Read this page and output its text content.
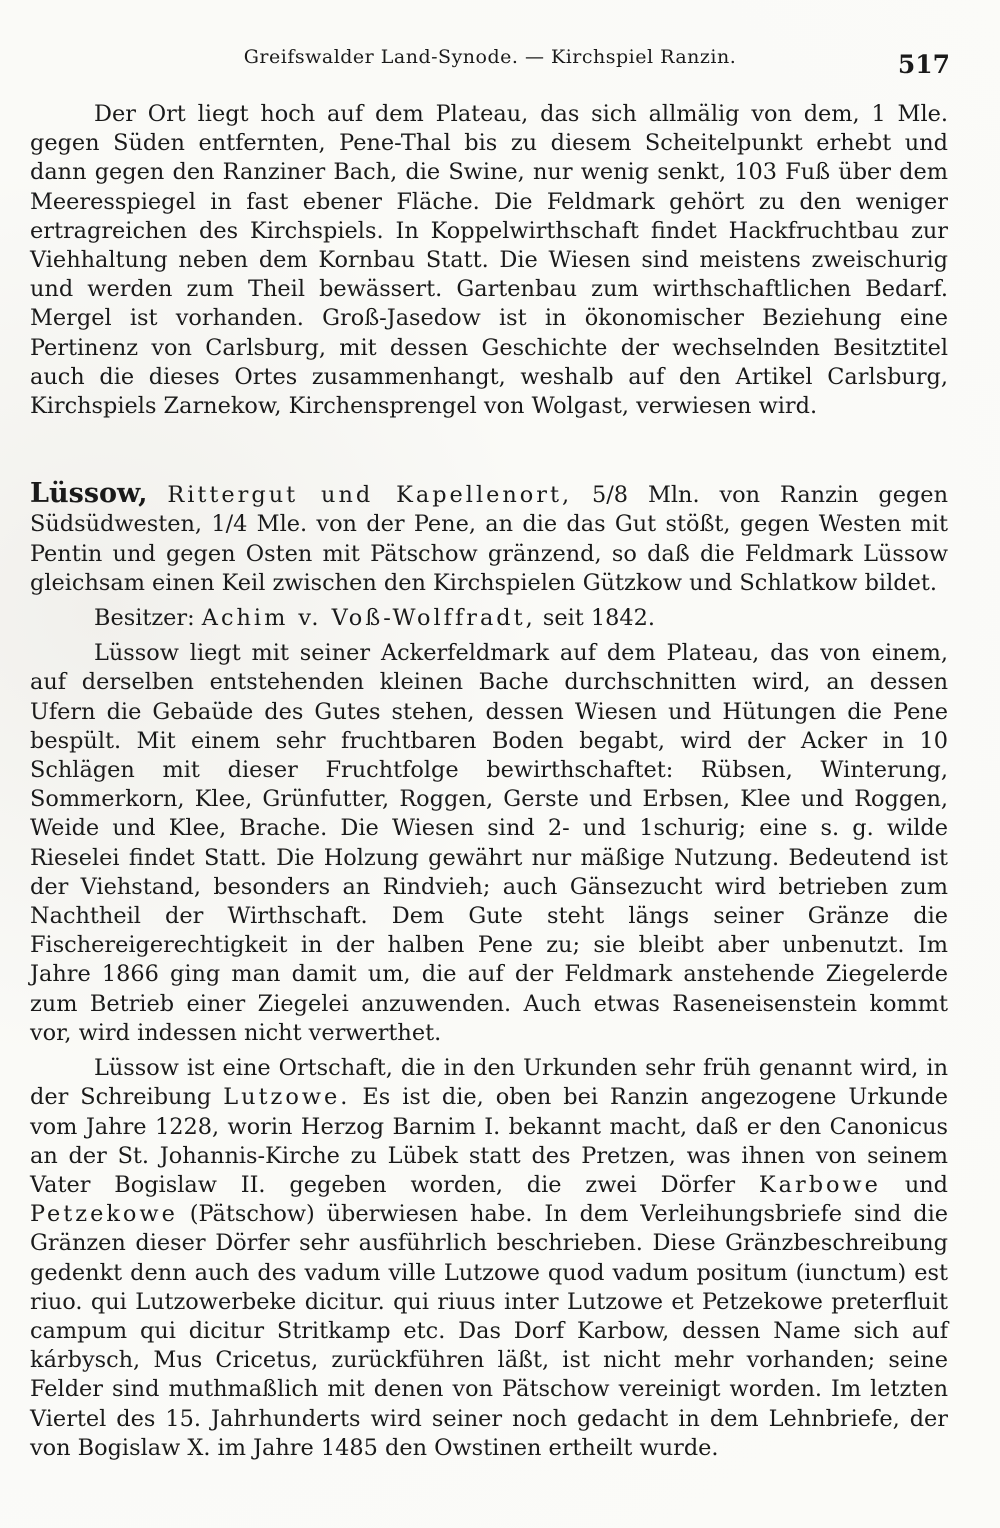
Greifswalder Land-Synode. — Kirchspiel Ranzin.	517

Der Ort liegt hoch auf dem Plateau, das sich allmälig von dem, 1 Mle. gegen Süden entfernten, Pene-Thal bis zu diesem Scheitelpunkt erhebt und dann gegen den Ranziner Bach, die Swine, nur wenig senkt, 103 Fuß über dem Meeresspiegel in fast ebener Fläche. Die Feldmark gehört zu den weniger ertragreichen des Kirchspiels. In Koppelwirthschaft findet Hackfruchtbau zur Viehhaltung neben dem Kornbau Statt. Die Wiesen sind meistens zweischurig und werden zum Theil bewässert. Gartenbau zum wirthschaftlichen Bedarf. Mergel ist vorhanden. Groß-Jasedow ist in ökonomischer Beziehung eine Pertinenz von Carlsburg, mit dessen Geschichte der wechselnden Besitztitel auch die dieses Ortes zusammenhangt, weshalb auf den Artikel Carlsburg, Kirchspiels Zarnekow, Kirchensprengel von Wolgast, verwiesen wird.

Lüssow, Rittergut und Kapellenort, 5/8 Mln. von Ranzin gegen Südsüdwesten, 1/4 Mle. von der Pene, an die das Gut stößt, gegen Westen mit Pentin und gegen Osten mit Pätschow gränzend, so daß die Feldmark Lüssow gleichsam einen Keil zwischen den Kirchspielen Gützkow und Schlatkow bildet.

Besitzer: Achim v. Voß-Wolffradt, seit 1842.

Lüssow liegt mit seiner Ackerfeldmark auf dem Plateau, das von einem, auf derselben entstehenden kleinen Bache durchschnitten wird, an dessen Ufern die Gebaüde des Gutes stehen, dessen Wiesen und Hütungen die Pene bespült. Mit einem sehr fruchtbaren Boden begabt, wird der Acker in 10 Schlägen mit dieser Fruchtfolge bewirthschaftet: Rübsen, Winterung, Sommerkorn, Klee, Grünfutter, Roggen, Gerste und Erbsen, Klee und Roggen, Weide und Klee, Brache. Die Wiesen sind 2- und 1schurig; eine s. g. wilde Rieselei findet Statt. Die Holzung gewährt nur mäßige Nutzung. Bedeutend ist der Viehstand, besonders an Rindvieh; auch Gänsezucht wird betrieben zum Nachtheil der Wirthschaft. Dem Gute steht längs seiner Gränze die Fischereigerechtigkeit in der halben Pene zu; sie bleibt aber unbenutzt. Im Jahre 1866 ging man damit um, die auf der Feldmark anstehende Ziegelerde zum Betrieb einer Ziegelei anzuwenden. Auch etwas Raseneisenstein kommt vor, wird indessen nicht verwerthet.

Lüssow ist eine Ortschaft, die in den Urkunden sehr früh genannt wird, in der Schreibung Lutzowe. Es ist die, oben bei Ranzin angezogene Urkunde vom Jahre 1228, worin Herzog Barnim I. bekannt macht, daß er den Canonicus an der St. Johannis-Kirche zu Lübek statt des Pretzen, was ihnen von seinem Vater Bogislaw II. gegeben worden, die zwei Dörfer Karbowe und Petzekowe (Pätschow) überwiesen habe. In dem Verleihungsbriefe sind die Gränzen dieser Dörfer sehr ausführlich beschrieben. Diese Gränzbeschreibung gedenkt denn auch des vadum ville Lutzowe quod vadum positum (iunctum) est riuo. qui Lutzowerbeke dicitur. qui riuus inter Lutzowe et Petzekowe preterfluit campum qui dicitur Stritkamp etc. Das Dorf Karbow, dessen Name sich auf kárbysch, Mus Cricetus, zurückführen läßt, ist nicht mehr vorhanden; seine Felder sind muthmaßlich mit denen von Pätschow vereinigt worden. Im letzten Viertel des 15. Jahrhunderts wird seiner noch gedacht in dem Lehnbriefe, der von Bogislaw X. im Jahre 1485 den Owstinen ertheilt wurde.
